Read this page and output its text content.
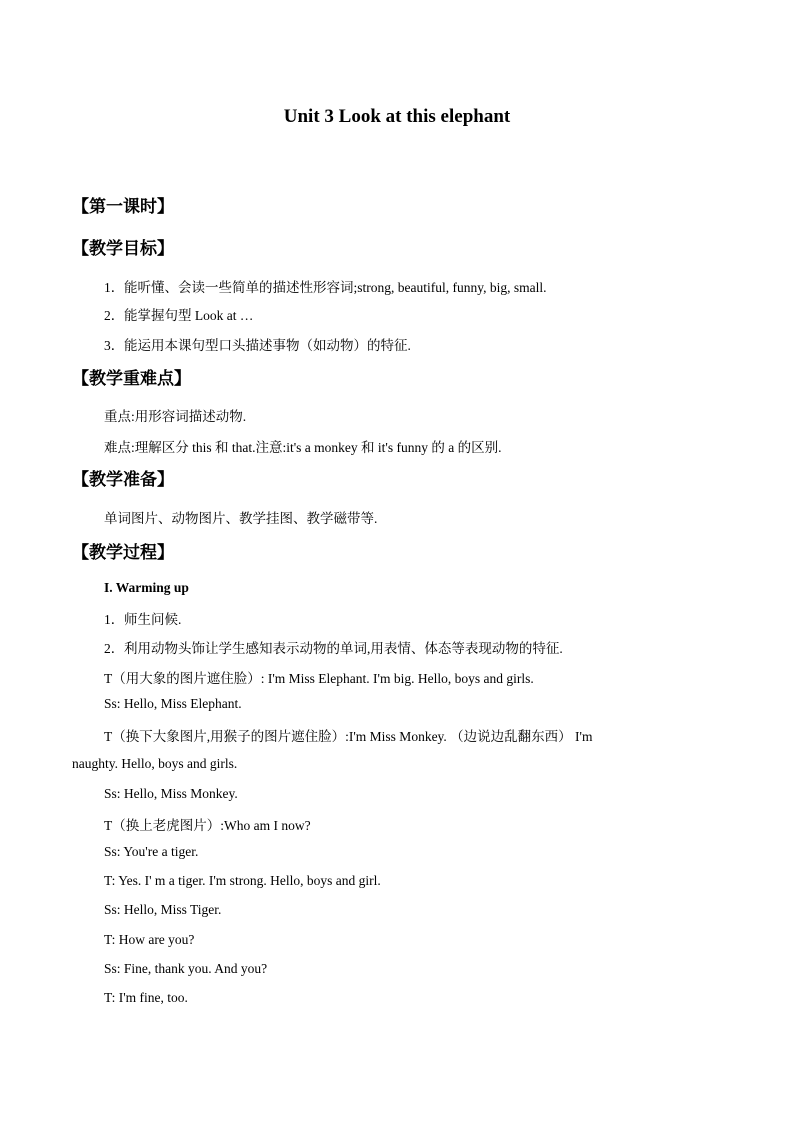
Unit 3 Look at this elephant
【第一课时】
【教学目标】
1．能听懂、会读一些简单的描述性形容词;strong, beautiful, funny, big, small.
2．能掌握句型 Look at …
3．能运用本课句型口头描述事物（如动物）的特征.
【教学重难点】
重点:用形容词描述动物.
难点:理解区分 this 和 that.注意:it's a monkey 和 it's funny 的 a 的区别.
【教学准备】
单词图片、动物图片、教学挂图、教学磁带等.
【教学过程】
I. Warming up
1．师生问候.
2．利用动物头饰让学生感知表示动物的单词,用表情、体态等表现动物的特征.
T（用大象的图片遮住脸）: I'm Miss Elephant. I'm big. Hello, boys and girls.
Ss: Hello, Miss Elephant.
T（换下大象图片,用猴子的图片遮住脸）:I'm Miss Monkey. （边说边乱翻东西） I'm
naughty. Hello, boys and girls.
Ss: Hello, Miss Monkey.
T（换上老虎图片）:Who am I now?
Ss: You're a tiger.
T: Yes. I' m a tiger. I'm strong. Hello, boys and girl.
Ss: Hello, Miss Tiger.
T: How are you?
Ss: Fine, thank you. And you?
T: I'm fine, too.
